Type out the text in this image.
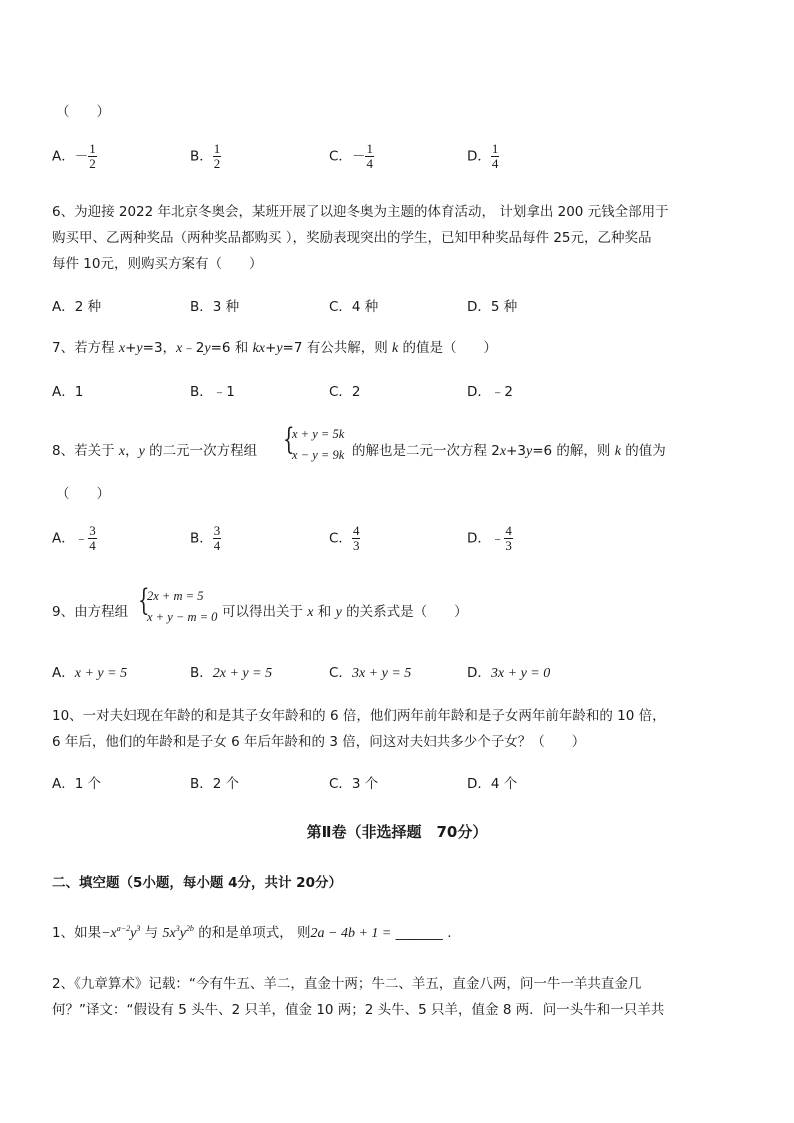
（　　）
A．－ $\frac{1}{2}$	B． $\frac{1}{2}$	C．－ $\frac{1}{4}$	D． $\frac{1}{4}$
6、为迎接 2022 年北京冬奥会，某班开展了以迎冬奥为主题的体育活动， 计划拿出 200 元钱全部用于
购买甲、乙两种奖品（两种奖品都购买 ），奖励表现突出的学生，已知甲种奖品每件 25元，乙种奖品
每件 10元，则购买方案有（　　）
A．2 种	B．3 种	C．4 种	D．5 种
7、若方程 x+y=3，x﹣2y=6 和 kx+y=7 有公共解，则 k 的值是（　　）
A．1	B．﹣1	C．2	D．﹣2
8、若关于 x，y 的二元一次方程组 {
x + y = 5k
x − y = 9k 的解也是二元一次方程 2x+3y=6 的解，则 k 的值为
（　　）
A．﹣ $\frac{3}{4}$	B． $\frac{3}{4}$	C． $\frac{4}{3}$	D．﹣ $\frac{4}{3}$
9、由方程组 {
2x + m = 5
x + y − m = 0 可以得出关于 x 和 y 的关系式是（　　）
A．x + y = 5	B．2x + y = 5	C．3x + y = 5	D．3x + y = 0
10、一对夫妇现在年龄的和是其子女年龄和的 6 倍，他们两年前年龄和是子女两年前年龄和的 10 倍，
6 年后，他们的年龄和是子女 6 年后年龄和的 3 倍，问这对夫妇共多少个子女？（　　）
A．1 个	B．2 个	C．3 个	D．4 个
第Ⅱ卷（非选择题　70分）
二、填空题（5小题，每小题 4分，共计 20分）
1、如果$-x^{a-2}y^3$ 与 $5x^3y^{2b}$ 的和是单项式， 则2a − 4b + 1 = _______ .
2、《九章算术》记载：“今有牛五、羊二，直金十两；牛二、羊五，直金八两，问一牛一羊共直金几
何？”译文：“假设有 5 头牛、2 只羊，值金 10 两；2 头牛、5 只羊，值金 8 两．问一头牛和一只羊共
